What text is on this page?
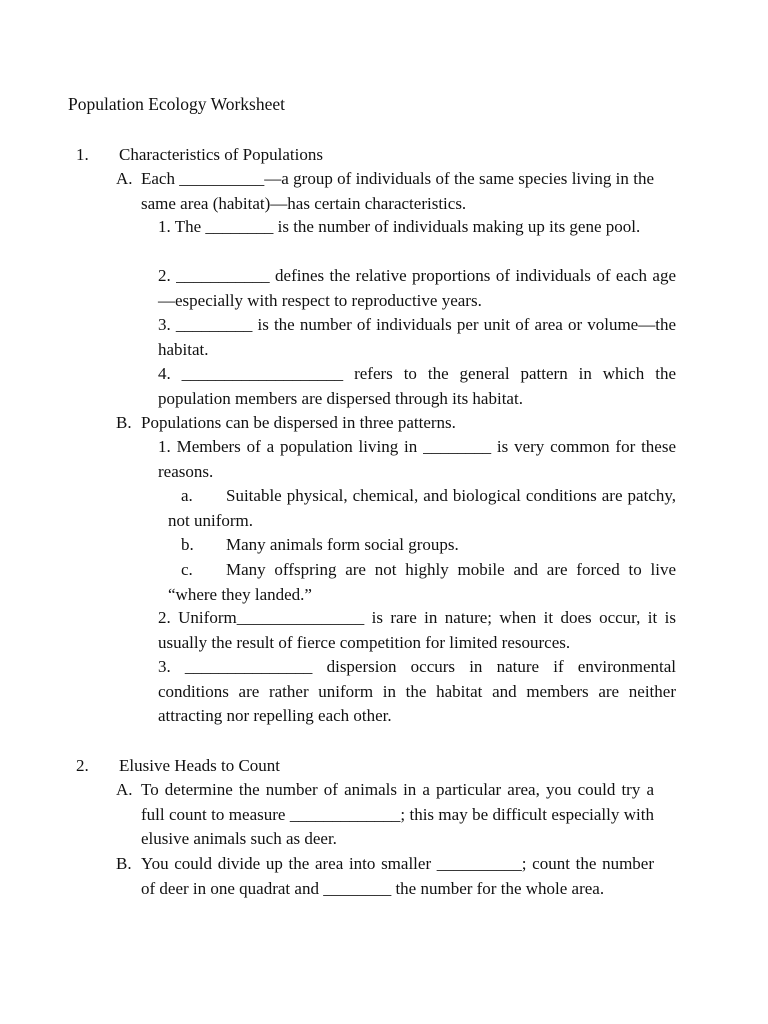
Population Ecology Worksheet
1. Characteristics of Populations
A. Each __________—a group of individuals of the same species living in the same area (habitat)—has certain characteristics.
1. The ________ is the number of individuals making up its gene pool.
2. ___________ defines the relative proportions of individuals of each age—especially with respect to reproductive years.
3. _________ is the number of individuals per unit of area or volume—the habitat.
4. ___________________ refers to the general pattern in which the population members are dispersed through its habitat.
B. Populations can be dispersed in three patterns.
1. Members of a population living in ________ is very common for these reasons.
a.	Suitable physical, chemical, and biological conditions are patchy, not uniform.
b. Many animals form social groups.
c.	Many offspring are not highly mobile and are forced to live “where they landed.”
2. Uniform_______________ is rare in nature; when it does occur, it is usually the result of fierce competition for limited resources.
3. _______________ dispersion occurs in nature if environmental conditions are rather uniform in the habitat and members are neither attracting nor repelling each other.
2. Elusive Heads to Count
A. To determine the number of animals in a particular area, you could try a full count to measure _____________; this may be difficult especially with elusive animals such as deer.
B. You could divide up the area into smaller __________; count the number of deer in one quadrat and ________ the number for the whole area.
